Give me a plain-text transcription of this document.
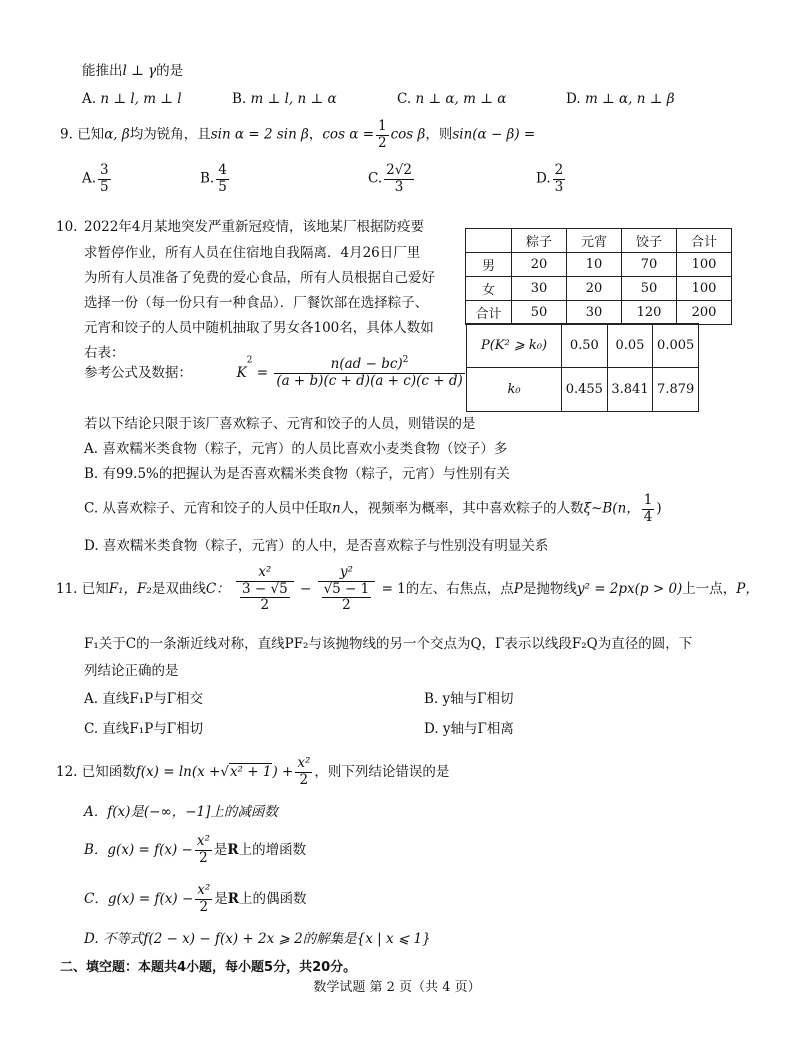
能推出l ⊥ γ的是
A. n ⊥ l, m ⊥ l	B. m ⊥ l, n ⊥ α	C. n ⊥ α, m ⊥ α	D. m ⊥ α, n ⊥ β
9. 已知α, β均为锐角，且sin α = 2 sin β，$\cos \alpha = \frac{1}{2}$ cos β，则sin(α − β) =
A. $\frac{3}{5}$	B. $\frac{4}{5}$	C. $\frac{2√2}{3}$	D. $\frac{2}{3}$
10. 2022年4月某地突发严重新冠疫情，该地某厂根据防疫要
求暂停作业，所有人员在住宿地自我隔离．4月26日厂里
为所有人员准备了免费的爱心食品，所有人员根据自己爱好
选择一份（每一份只有一种食品）．厂餐饮部在选择粽子、
元宵和饺子的人员中随机抽取了男女各100名，具体人数如
右表：
参考公式及数据：	$K^2 = \frac{n(ad - bc)^2}{(a + b)(c + d)(a + c)(c + d)}$
	粽子	元宵	饺子	合计
男	20	10	70	100
女	30	20	50	100
合计	50	30	120	200
P(K² ⩾ k₀)	0.50	0.05	0.005
k₀	0.455	3.841	7.879
若以下结论只限于该厂喜欢粽子、元宵和饺子的人员，则错误的是
A. 喜欢糯米类食物（粽子，元宵）的人员比喜欢小麦类食物（饺子）多
B. 有99.5%的把握认为是否喜欢糯米类食物（粽子，元宵）与性别有关
C. 从喜欢粽子、元宵和饺子的人员中任取n人，视频率为概率，其中喜欢粽子的人数ξ∼B(n， $\frac{1}{4}$ )
D. 喜欢糯米类食物（粽子，元宵）的人中，是否喜欢粽子与性别没有明显关系
11. 已知F₁，F₂是双曲线C： $\frac{\text{x²}}{\frac{3 - √5}{2}} - \frac{\text{y²}}{\frac{√5 - 1}{2}} = 1$的左、右焦点，点P是抛物线y² = 2px(p > 0)上一点，P，
F₁关于C的一条渐近线对称，直线PF₂与该抛物线的另一个交点为Q，Γ表示以线段F₂Q为直径的圆，下
列结论正确的是
A. 直线F₁P与Γ相交	B. y轴与Γ相切
C. 直线F₁P与Γ相切	D. y轴与Γ相离
12. 已知函数$f(x) = \ln(x +√x^2 + 1) + \frac{\text{x²}}{2}$ ，则下列结论错误的是
A．f(x)是(−∞，−1]上的减函数
B．$g(x) = f(x) - \frac{\text{x²}}{2}$ 是R上的增函数
C．$g(x) = f(x) - \frac{\text{x²}}{2}$ 是R上的偶函数
D. 不等式f(2 − x) − f(x) + 2x ⩾ 2的解集是{x | x ⩽ 1}
二、填空题：本题共4小题，每小题5分，共20分。
数学试题 第 2 页（共 4 页）
